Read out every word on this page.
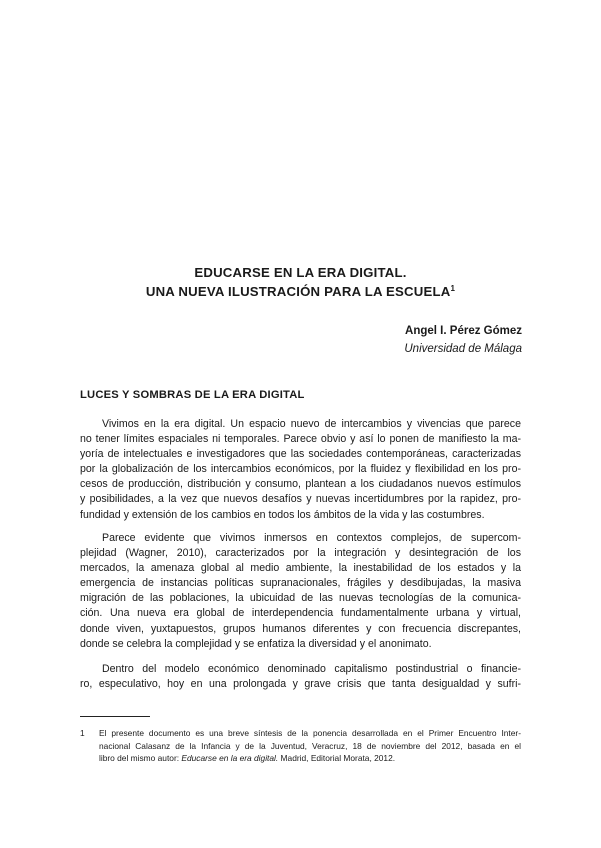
EDUCARSE EN LA ERA DIGITAL.
UNA NUEVA ILUSTRACIÓN PARA LA ESCUELA$^1$
Angel I. Pérez Gómez
Universidad de Málaga
LUCES Y SOMBRAS DE LA ERA DIGITAL
Vivimos en la era digital. Un espacio nuevo de intercambios y vivencias que parece
no tener límites espaciales ni temporales. Parece obvio y así lo ponen de manifiesto la ma-
yoría de intelectuales e investigadores que las sociedades contemporáneas, caracterizadas
por la globalización de los intercambios económicos, por la fluidez y flexibilidad en los pro-
cesos de producción, distribución y consumo, plantean a los ciudadanos nuevos estímulos
y posibilidades, a la vez que nuevos desafíos y nuevas incertidumbres por la rapidez, pro-
fundidad y extensión de los cambios en todos los ámbitos de la vida y las costumbres.
Parece evidente que vivimos inmersos en contextos complejos, de supercom-
plejidad (Wagner, 2010), caracterizados por la integración y desintegración de los
mercados, la amenaza global al medio ambiente, la inestabilidad de los estados y la
emergencia de instancias políticas supranacionales, frágiles y desdibujadas, la masiva
migración de las poblaciones, la ubicuidad de las nuevas tecnologías de la comunica-
ción. Una nueva era global de interdependencia fundamentalmente urbana y virtual,
donde viven, yuxtapuestos, grupos humanos diferentes y con frecuencia discrepantes,
donde se celebra la complejidad y se enfatiza la diversidad y el anonimato.
Dentro del modelo económico denominado capitalismo postindustrial o financie-
ro, especulativo, hoy en una prolongada y grave crisis que tanta desigualdad y sufri-
1 El presente documento es una breve síntesis de la ponencia desarrollada en el Primer Encuentro Inter-
nacional Calasanz de la Infancia y de la Juventud, Veracruz, 18 de noviembre del 2012, basada en el
libro del mismo autor: Educarse en la era digital. Madrid, Editorial Morata, 2012.
